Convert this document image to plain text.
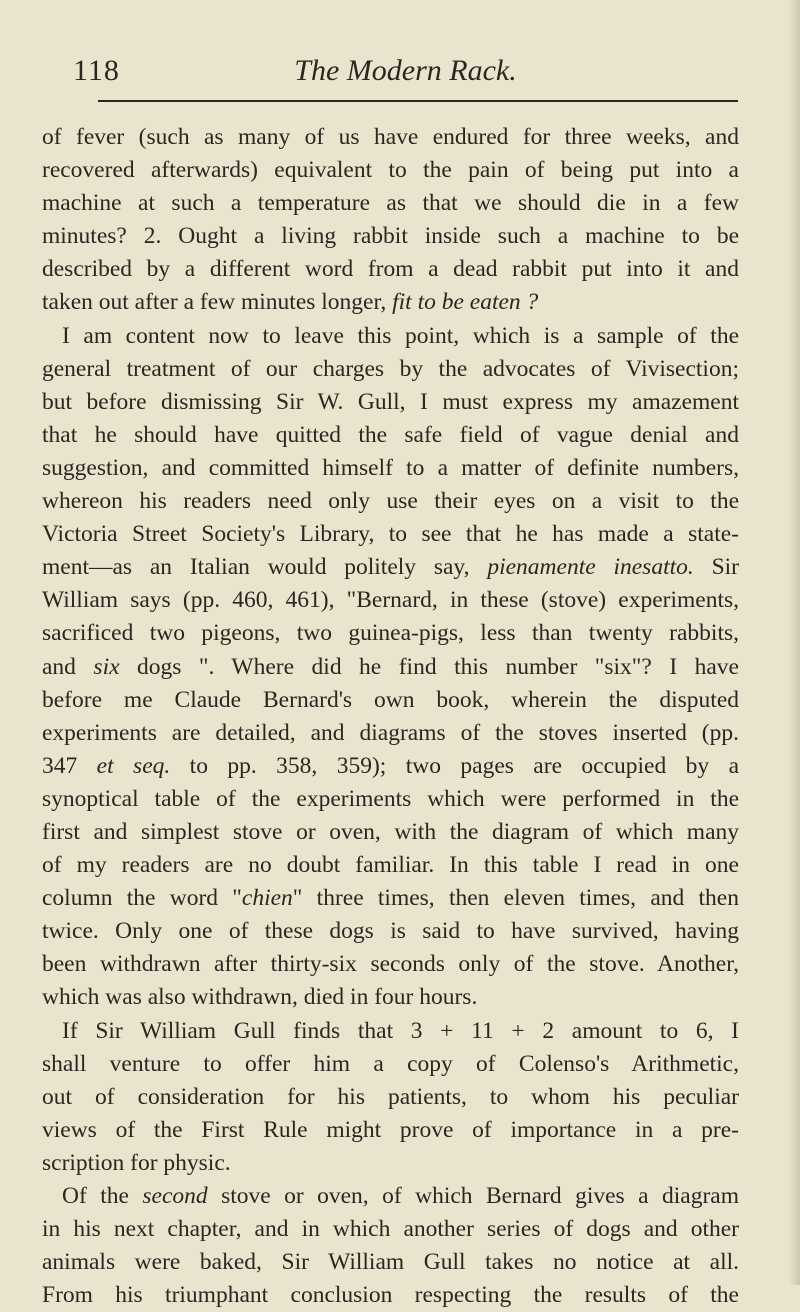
118	The Modern Rack.
of fever (such as many of us have endured for three weeks, and
recovered afterwards) equivalent to the pain of being put into a
machine at such a temperature as that we should die in a few
minutes? 2. Ought a living rabbit inside such a machine to be
described by a different word from a dead rabbit put into it and
taken out after a few minutes longer, fit to be eaten ?
I am content now to leave this point, which is a sample of the
general treatment of our charges by the advocates of Vivisection;
but before dismissing Sir W. Gull, I must express my amazement
that he should have quitted the safe field of vague denial and
suggestion, and committed himself to a matter of definite numbers,
whereon his readers need only use their eyes on a visit to the
Victoria Street Society's Library, to see that he has made a state-
ment—as an Italian would politely say, pienamente inesatto. Sir
William says (pp. 460, 461), "Bernard, in these (stove) experiments,
sacrificed two pigeons, two guinea-pigs, less than twenty rabbits,
and six dogs ". Where did he find this number "six"? I have
before me Claude Bernard's own book, wherein the disputed
experiments are detailed, and diagrams of the stoves inserted (pp.
347 et seq. to pp. 358, 359); two pages are occupied by a
synoptical table of the experiments which were performed in the
first and simplest stove or oven, with the diagram of which many
of my readers are no doubt familiar. In this table I read in one
column the word "chien" three times, then eleven times, and then
twice. Only one of these dogs is said to have survived, having
been withdrawn after thirty-six seconds only of the stove. Another,
which was also withdrawn, died in four hours.
If Sir William Gull finds that 3 + 11 + 2 amount to 6, I
shall venture to offer him a copy of Colenso's Arithmetic,
out of consideration for his patients, to whom his peculiar
views of the First Rule might prove of importance in a pre-
scription for physic.
Of the second stove or oven, of which Bernard gives a diagram
in his next chapter, and in which another series of dogs and other
animals were baked, Sir William Gull takes no notice at all.
From his triumphant conclusion respecting the results of the
